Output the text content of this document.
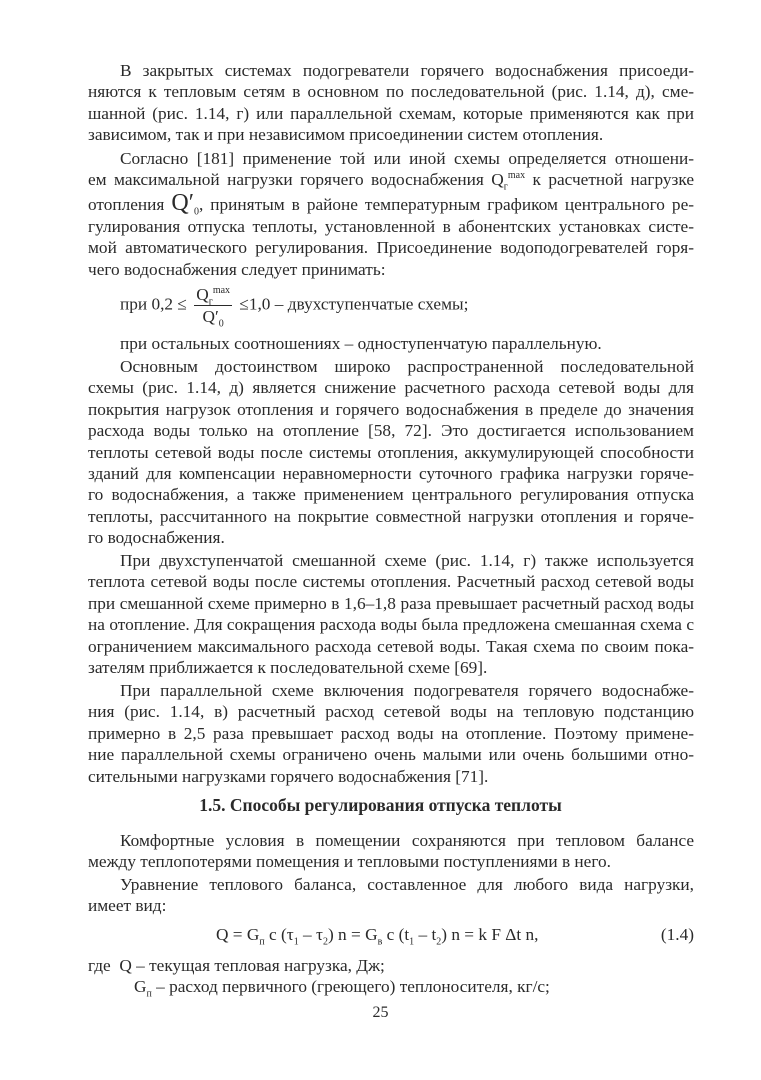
В закрытых системах подогреватели горячего водоснабжения присоеди-
няются к тепловым сетям в основном по последовательной (рис. 1.14, д), сме-
шанной (рис. 1.14, г) или параллельной схемам, которые применяются как при
зависимом, так и при независимом присоединении систем отопления.
Согласно [181] применение той или иной схемы определяется отношени-
ем максимальной нагрузки горячего водоснабжения $Q_г^{max}$ к расчетной нагрузке
отопления $Q'_0$, принятым в районе температурным графиком центрального ре-
гулирования отпуска теплоты, установленной в абонентских установках систе-
мой автоматического регулирования. Присоединение водоподогревателей горя-
чего водоснабжения следует принимать:
при $0,2 \le \frac{Q_г^{max}}{Q'_0} \le 1,0$ – двухступенчатые схемы;
при остальных соотношениях – одноступенчатую параллельную.
Основным достоинством широко распространенной последовательной
схемы (рис. 1.14, д) является снижение расчетного расхода сетевой воды для
покрытия нагрузок отопления и горячего водоснабжения в пределе до значения
расхода воды только на отопление [58, 72]. Это достигается использованием
теплоты сетевой воды после системы отопления, аккумулирующей способности
зданий для компенсации неравномерности суточного графика нагрузки горяче-
го водоснабжения, а также применением центрального регулирования отпуска
теплоты, рассчитанного на покрытие совместной нагрузки отопления и горяче-
го водоснабжения.
При двухступенчатой смешанной схеме (рис. 1.14, г) также используется
теплота сетевой воды после системы отопления. Расчетный расход сетевой воды
при смешанной схеме примерно в 1,6–1,8 раза превышает расчетный расход воды
на отопление. Для сокращения расхода воды была предложена смешанная схема с
ограничением максимального расхода сетевой воды. Такая схема по своим пока-
зателям приближается к последовательной схеме [69].
При параллельной схеме включения подогревателя горячего водоснабже-
ния (рис. 1.14, в) расчетный расход сетевой воды на тепловую подстанцию
примерно в 2,5 раза превышает расход воды на отопление. Поэтому примене-
ние параллельной схемы ограничено очень малыми или очень большими отно-
сительными нагрузками горячего водоснабжения [71].
1.5. Способы регулирования отпуска теплоты
Комфортные условия в помещении сохраняются при тепловом балансе
между теплопотерями помещения и тепловыми поступлениями в него.
Уравнение теплового баланса, составленное для любого вида нагрузки,
имеет вид:
$Q = G_п$ c $(\tau_1 - \tau_2) n = G_в$ c $(t_1 - t_2) n = k$ F Δt n,	(1.4)
где Q – текущая тепловая нагрузка, Дж;
$G_п$ – расход первичного (греющего) теплоносителя, кг/с;
25
